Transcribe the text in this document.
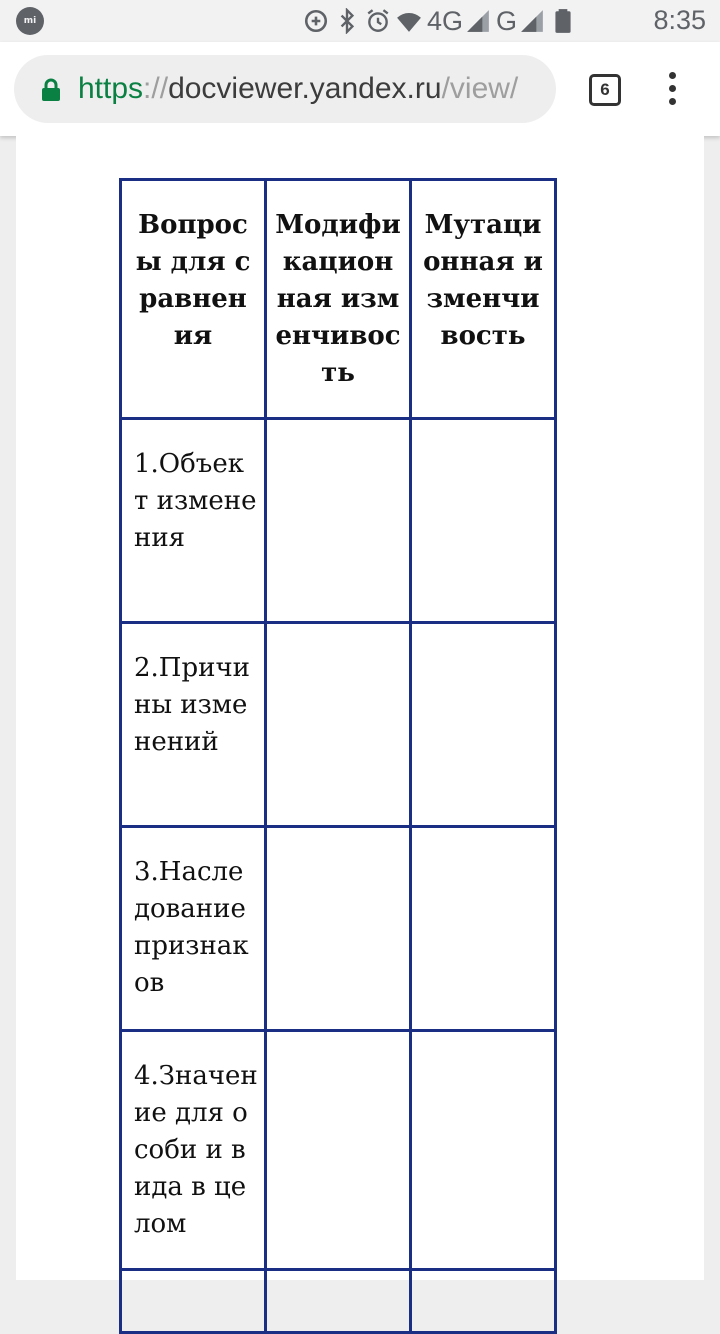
mi	4G G	8:35
https://docviewer.yandex.ru/view/	6
Вопросы для сравнения	Модификационная изменчивость	Мутационная изменчивость

1.Объект изменения		

2.Причины изменений		

3.Наследование признаков		

4.Значение для особи и вида в целом		
